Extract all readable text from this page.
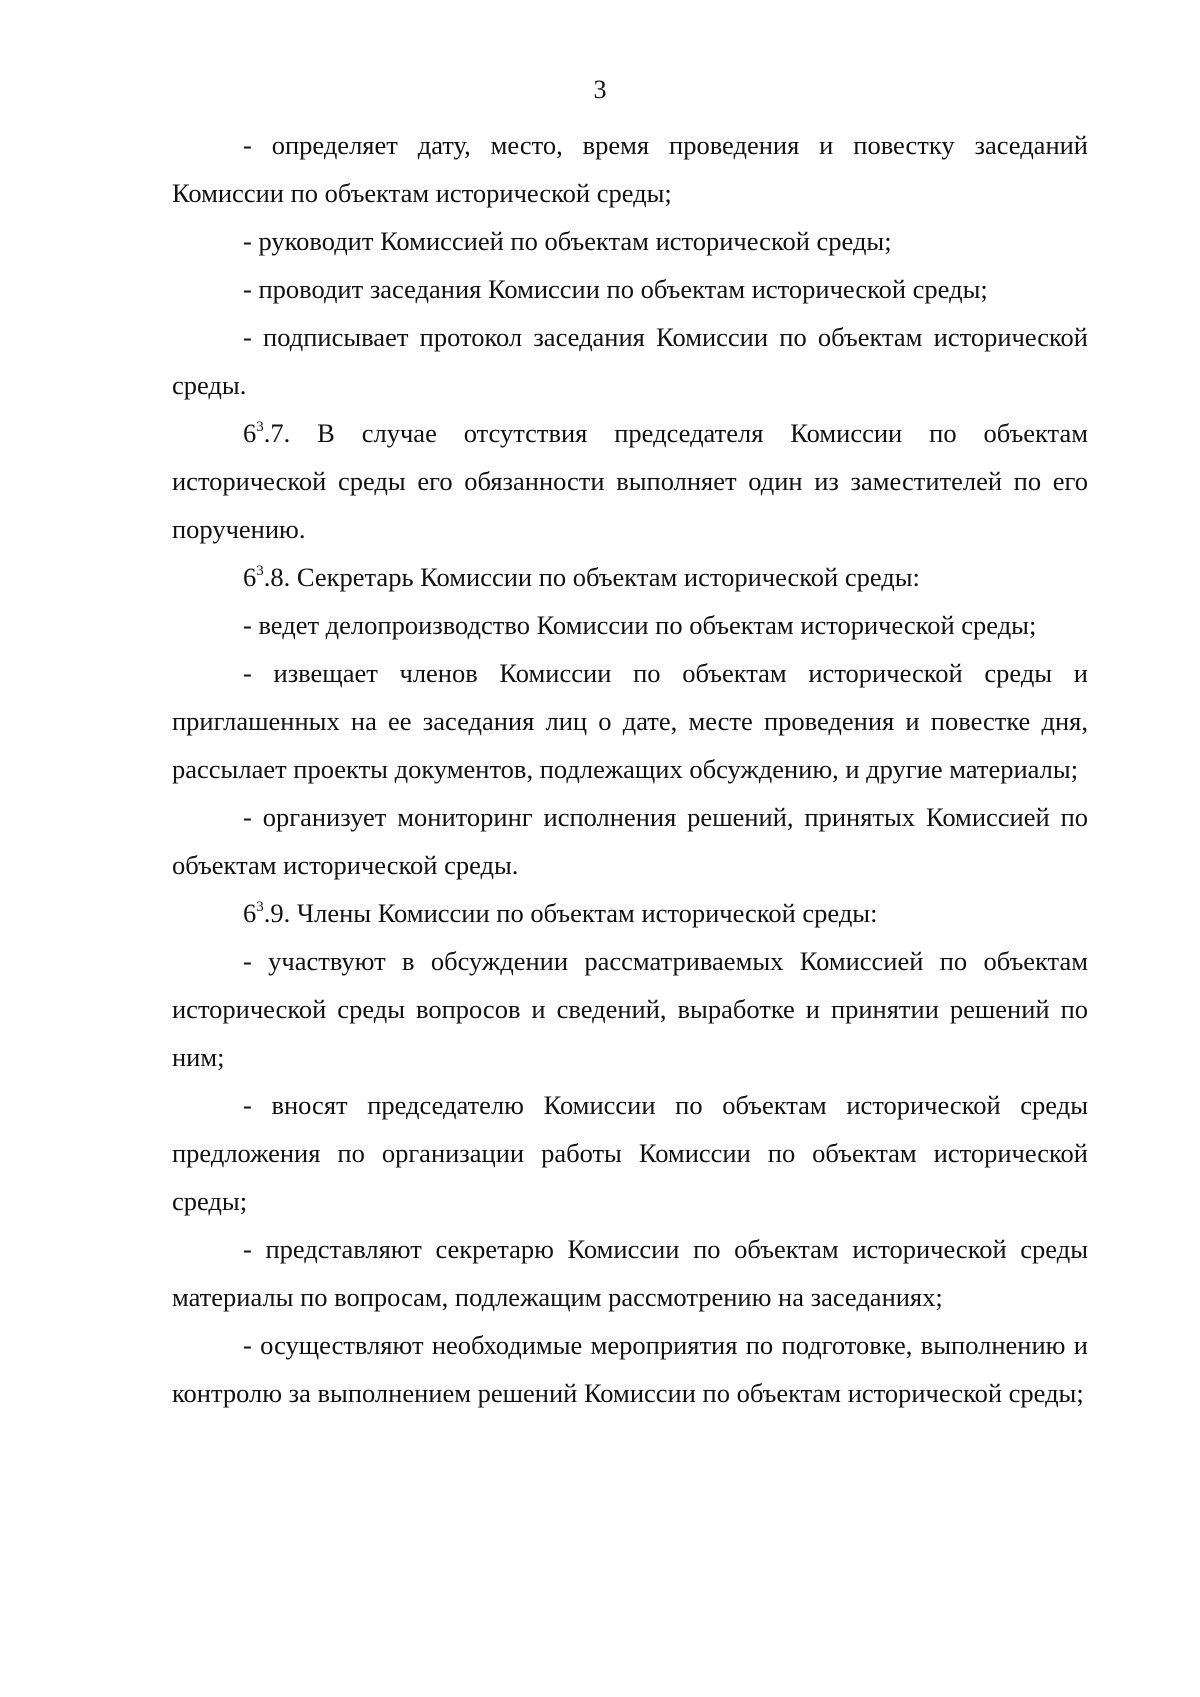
3

- определяет дату, место, время проведения и повестку заседаний Комиссии по объектам исторической среды;

- руководит Комиссией по объектам исторической среды;

- проводит заседания Комиссии по объектам исторической среды;

- подписывает протокол заседания Комиссии по объектам исторической среды.

$6^3.7$. В случае отсутствия председателя Комиссии по объектам исторической среды его обязанности выполняет один из заместителей по его поручению.

$6^3.8$. Секретарь Комиссии по объектам исторической среды:

- ведет делопроизводство Комиссии по объектам исторической среды;

- извещает членов Комиссии по объектам исторической среды и приглашенных на ее заседания лиц о дате, месте проведения и повестке дня, рассылает проекты документов, подлежащих обсуждению, и другие материалы;

- организует мониторинг исполнения решений, принятых Комиссией по объектам исторической среды.

$6^3.9$. Члены Комиссии по объектам исторической среды:

- участвуют в обсуждении рассматриваемых Комиссией по объектам исторической среды вопросов и сведений, выработке и принятии решений по ним;

- вносят председателю Комиссии по объектам исторической среды предложения по организации работы Комиссии по объектам исторической среды;

- представляют секретарю Комиссии по объектам исторической среды материалы по вопросам, подлежащим рассмотрению на заседаниях;

- осуществляют необходимые мероприятия по подготовке, выполнению и контролю за выполнением решений Комиссии по объектам исторической среды;
